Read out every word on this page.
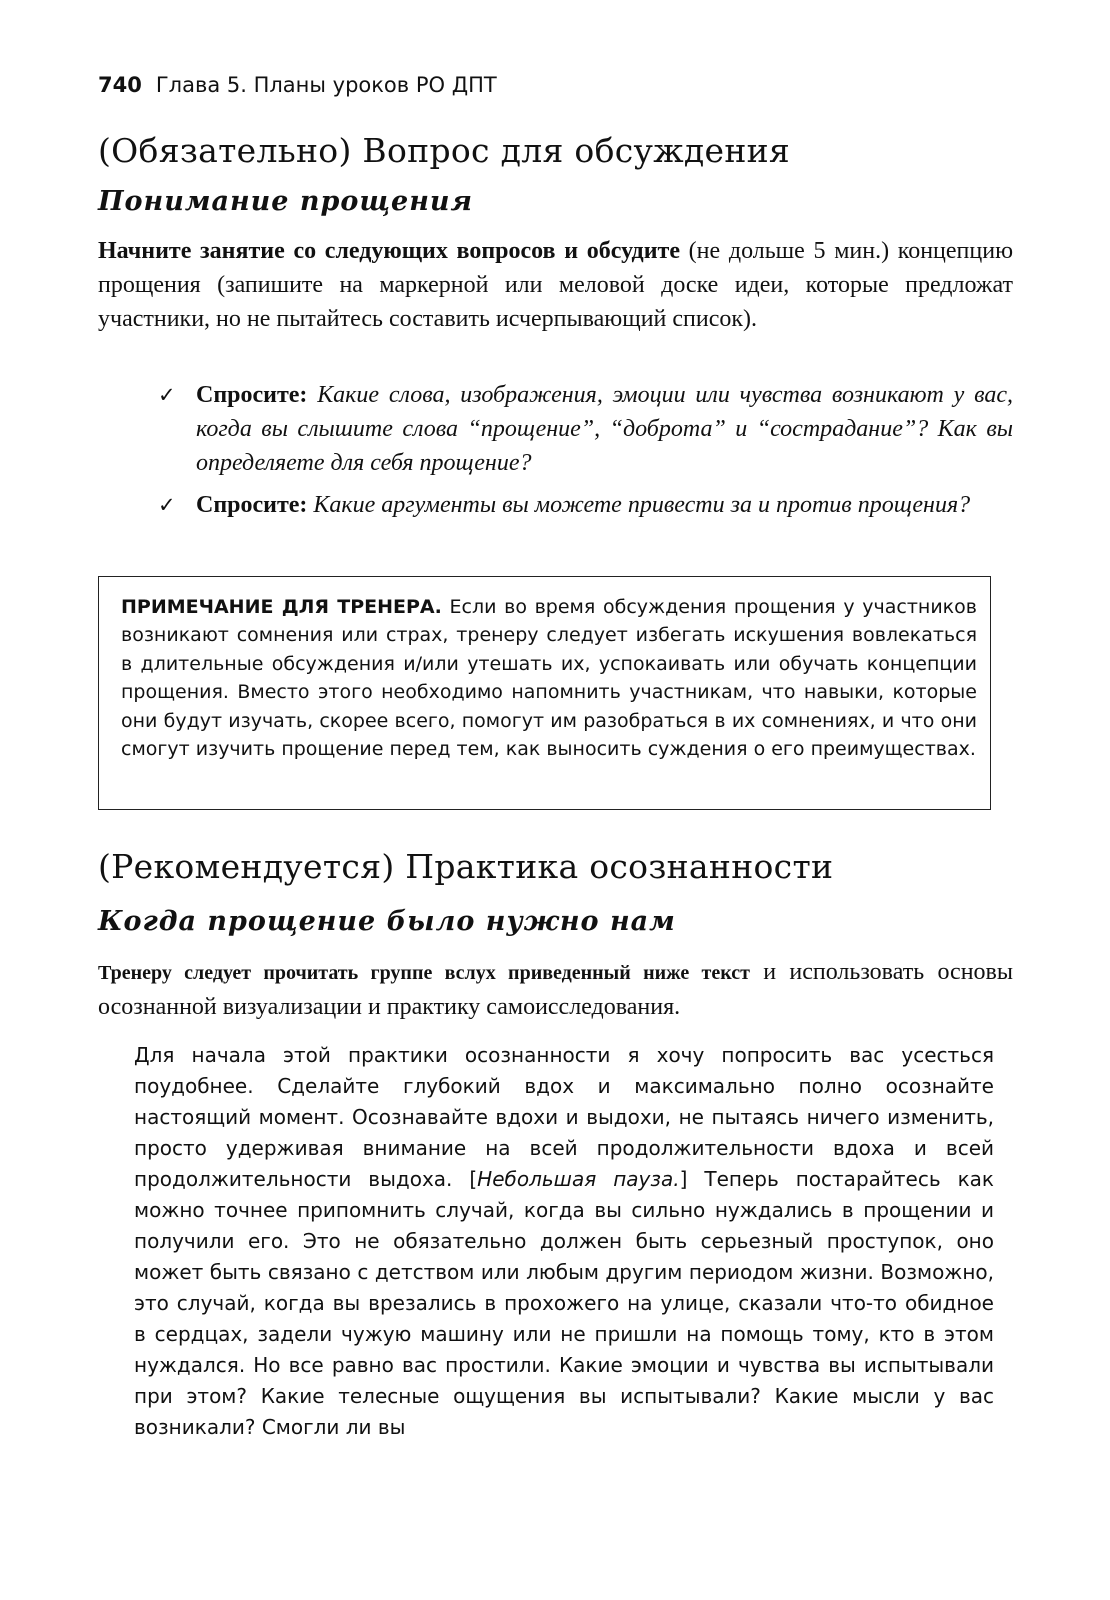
740 Глава 5. Планы уроков РО ДПТ
(Обязательно) Вопрос для обсуждения
Понимание прощения
Начните занятие со следующих вопросов и обсудите (не дольше 5 мин.) концепцию прощения (запишите на маркерной или меловой доске идеи, которые предложат участники, но не пытайтесь составить исчерпывающий список).
✓ Спросите: Какие слова, изображения, эмоции или чувства возникают у вас, когда вы слышите слова “прощение”, “доброта” и “сострадание”? Как вы определяете для себя прощение?
✓ Спросите: Какие аргументы вы можете привести за и против прощения?
ПРИМЕЧАНИЕ ДЛЯ ТРЕНЕРА. Если во время обсуждения прощения у участников возникают сомнения или страх, тренеру следует избегать искушения вовлекаться в длительные обсуждения и/или утешать их, успокаивать или обучать концепции прощения. Вместо этого необходимо напомнить участникам, что навыки, которые они будут изучать, скорее всего, помогут им разобраться в их сомнениях, и что они смогут изучить прощение перед тем, как выносить суждения о его преимуществах.
(Рекомендуется) Практика осознанности
Когда прощение было нужно нам
Тренеру следует прочитать группе вслух приведенный ниже текст и использовать основы осознанной визуализации и практику самоисследования.
Для начала этой практики осознанности я хочу попросить вас усесться поудобнее. Сделайте глубокий вдох и максимально полно осознайте настоящий момент. Осознавайте вдохи и выдохи, не пытаясь ничего изменить, просто удерживая внимание на всей продолжительности вдоха и всей продолжительности выдоха. [Небольшая пауза.] Теперь постарайтесь как можно точнее припомнить случай, когда вы сильно нуждались в прощении и получили его. Это не обязательно должен быть серьезный проступок, оно может быть связано с детством или любым другим периодом жизни. Возможно, это случай, когда вы врезались в прохожего на улице, сказали что-то обидное в сердцах, задели чужую машину или не пришли на помощь тому, кто в этом нуждался. Но все равно вас простили. Какие эмоции и чувства вы испытывали при этом? Какие телесные ощущения вы испытывали? Какие мысли у вас возникали? Смогли ли вы
